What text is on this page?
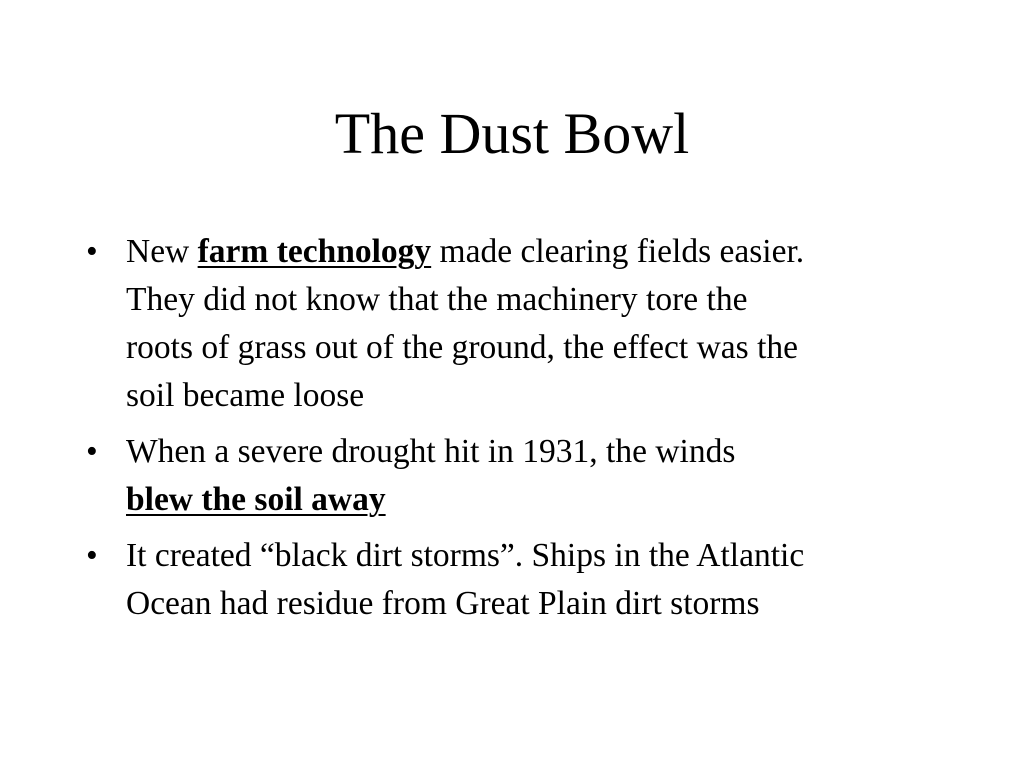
The Dust Bowl
• New farm technology made clearing fields easier.
They did not know that the machinery tore the
roots of grass out of the ground, the effect was the
soil became loose
• When a severe drought hit in 1931, the winds
blew the soil away
• It created “black dirt storms”. Ships in the Atlantic
Ocean had residue from Great Plain dirt storms
